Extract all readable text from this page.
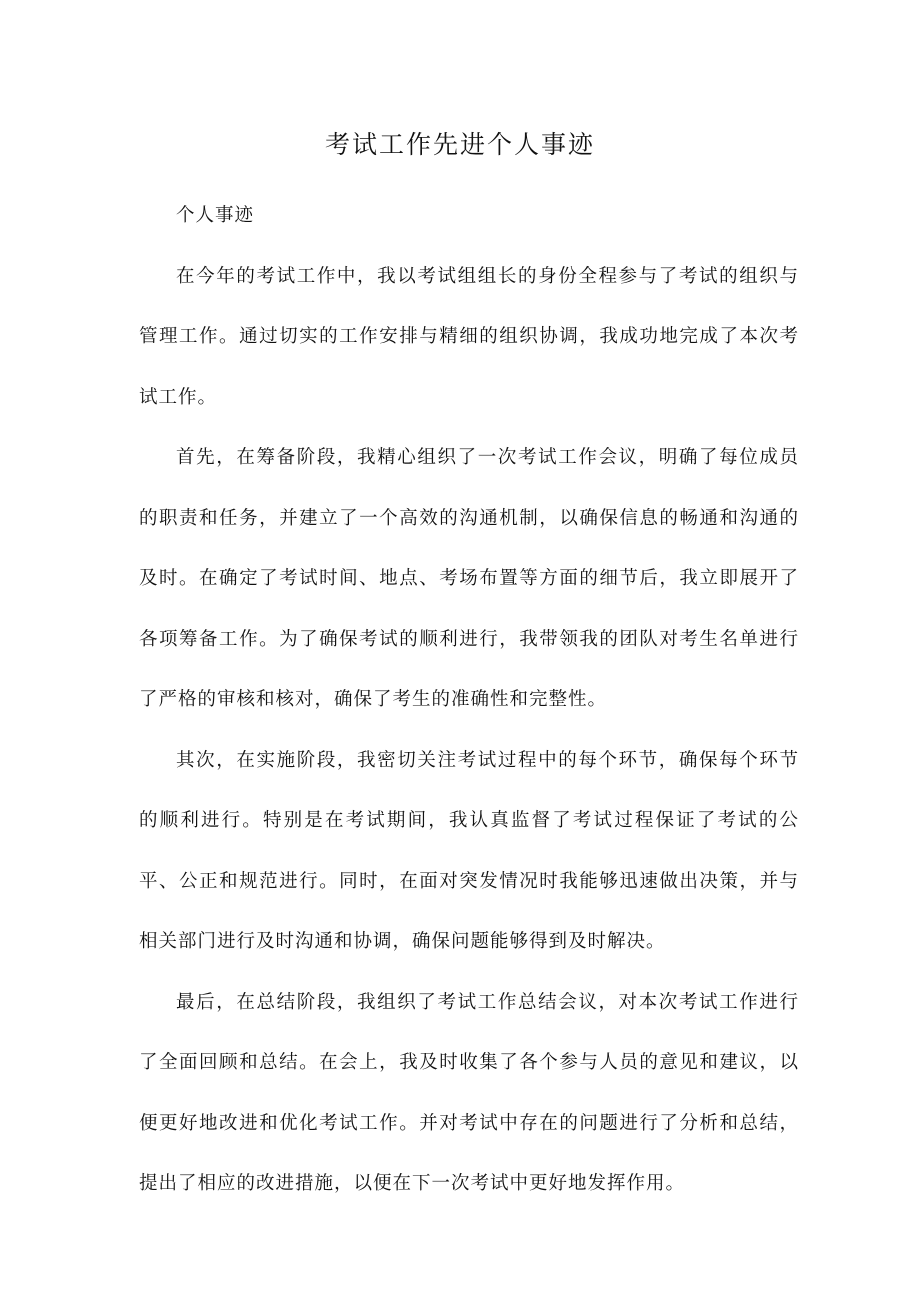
考试工作先进个人事迹

个人事迹

在今年的考试工作中，我以考试组组长的身份全程参与了考试的组织与管理工作。通过切实的工作安排与精细的组织协调，我成功地完成了本次考试工作。

首先，在筹备阶段，我精心组织了一次考试工作会议，明确了每位成员的职责和任务，并建立了一个高效的沟通机制，以确保信息的畅通和沟通的及时。在确定了考试时间、地点、考场布置等方面的细节后，我立即展开了各项筹备工作。为了确保考试的顺利进行，我带领我的团队对考生名单进行了严格的审核和核对，确保了考生的准确性和完整性。

其次，在实施阶段，我密切关注考试过程中的每个环节，确保每个环节的顺利进行。特别是在考试期间，我认真监督了考试过程保证了考试的公平、公正和规范进行。同时，在面对突发情况时我能够迅速做出决策，并与相关部门进行及时沟通和协调，确保问题能够得到及时解决。

最后，在总结阶段，我组织了考试工作总结会议，对本次考试工作进行了全面回顾和总结。在会上，我及时收集了各个参与人员的意见和建议，以便更好地改进和优化考试工作。并对考试中存在的问题进行了分析和总结，提出了相应的改进措施，以便在下一次考试中更好地发挥作用。
